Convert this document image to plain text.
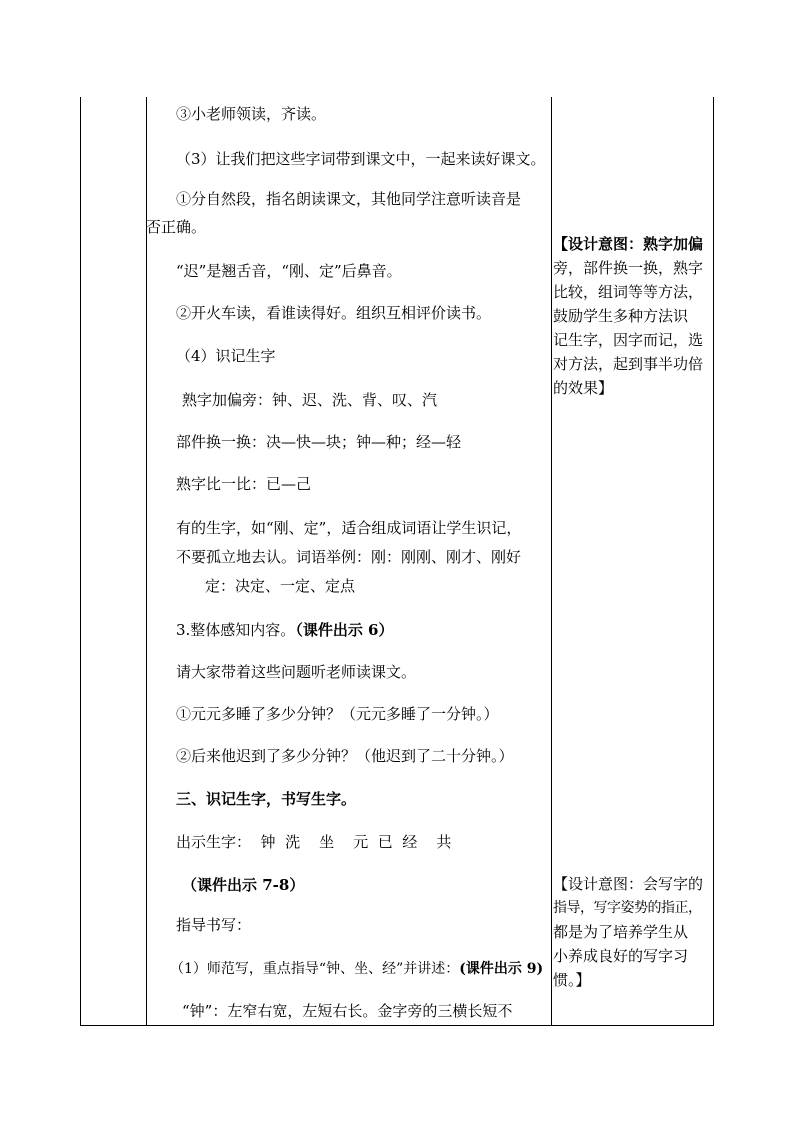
③小老师领读，齐读。
（3）让我们把这些字词带到课文中，一起来读好课文。
①分自然段，指名朗读课文，其他同学注意听读音是
否正确。
“迟”是翘舌音，“刚、定”后鼻音。
②开火车读，看谁读得好。组织互相评价读书。
（4）识记生字
熟字加偏旁：钟、迟、洗、背、叹、汽
部件换一换：决—快—块；钟—种；经—轻
熟字比一比：已—己
有的生字，如“刚、定”，适合组成词语让学生识记，
不要孤立地去认。词语举例：刚：刚刚、刚才、刚好
定：决定、一定、定点
3.整体感知内容。（课件出示 6）
请大家带着这些问题听老师读课文。
①元元多睡了多少分钟？（元元多睡了一分钟。）
②后来他迟到了多少分钟？（他迟到了二十分钟。）
三、识记生字，书写生字。
出示生字：  钟  洗    坐    元  已  经    共
（课件出示 7-8）
指导书写：
（1）师范写，重点指导“钟、坐、经”并讲述：(课件出示 9)
“钟”：左窄右宽，左短右长。金字旁的三横长短不
【设计意图：熟字加偏
旁，部件换一换，熟字
比较，组词等等方法，
鼓励学生多种方法识
记生字，因字而记，选
对方法，起到事半功倍
的效果】
【设计意图：会写字的
指导，写字姿势的指正，
都是为了培养学生从
小养成良好的写字习
惯。】
